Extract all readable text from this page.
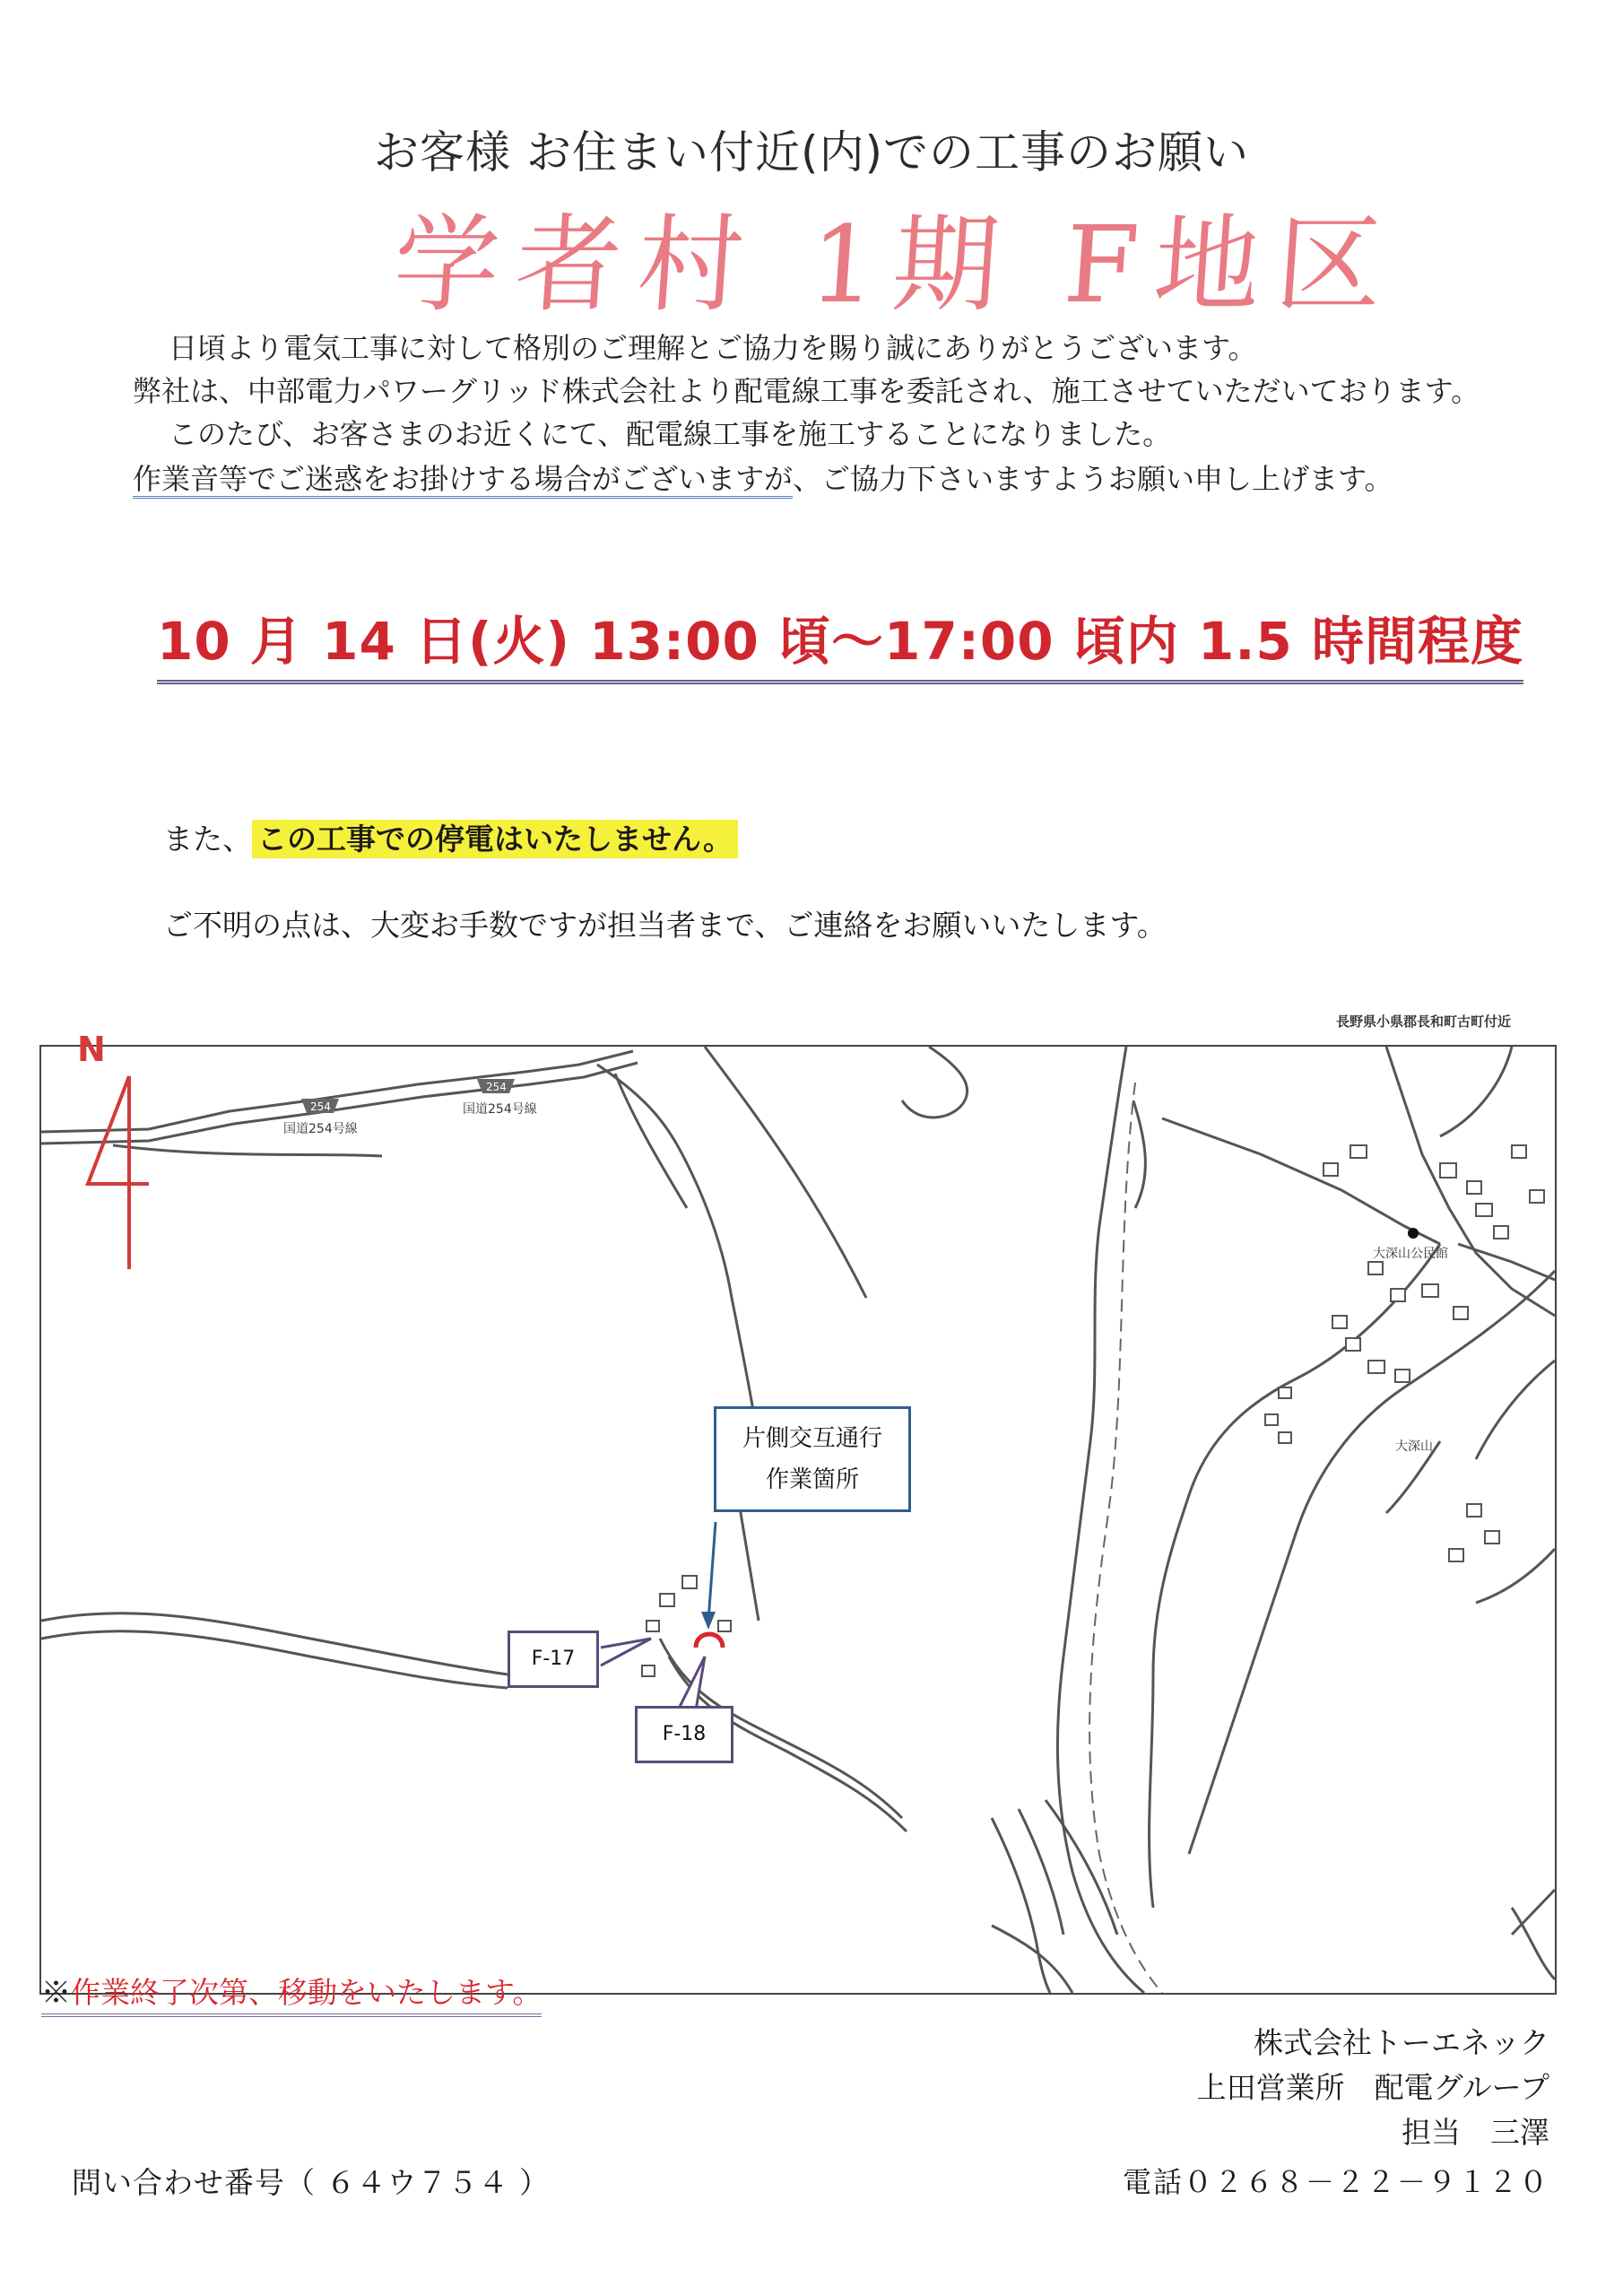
お客様 お住まい付近(内)での工事のお願い
学者村 1期 F地区
日頃より電気工事に対して格別のご理解とご協力を賜り誠にありがとうございます。
弊社は、中部電力パワーグリッド株式会社より配電線工事を委託され、施工させていただいております。
このたび、お客さまのお近くにて、配電線工事を施工することになりました。
作業音等でご迷惑をお掛けする場合がございますが、ご協力下さいますようお願い申し上げます。
10 月 14 日(火) 13:00 頃～17:00 頃内 1.5 時間程度
また、 この工事での停電はいたしません。
ご不明の点は、大変お手数ですが担当者まで、ご連絡をお願いいたします。
長野県小県郡長和町古町付近
254
254
国道254号線
国道254号線
大深山公民館
大深山
N
片側交互通行
作業箇所
F-17
F-18
※作業終了次第、移動をいたします。
株式会社トーエネック
上田営業所　配電グループ
担当　三澤
電話０２６８－２２－９１２０
問い合わせ番号（ ６４ウ７５４ ）
